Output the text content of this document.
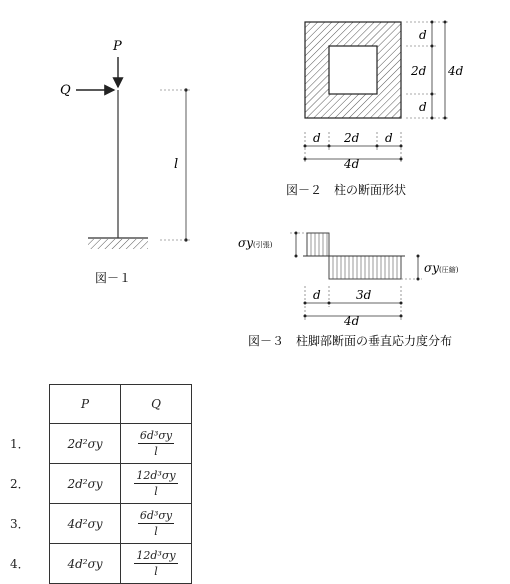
P
Q
l
図－１
d
2d
d
4d
d 2d d
4d
図－２　柱の断面形状
σy(引張)
σy(圧縮)
d	3d
4d
図－３　柱脚部断面の垂直応力度分布
	P	Q
1．	2d²σy	$\frac{\text{6d³σy}}{l}$

2．	2d²σy	$\frac{\text{12d³σy}}{l}$

3．	4d²σy	$\frac{\text{6d³σy}}{l}$

4．	4d²σy	$\frac{\text{12d³σy}}{l}$
